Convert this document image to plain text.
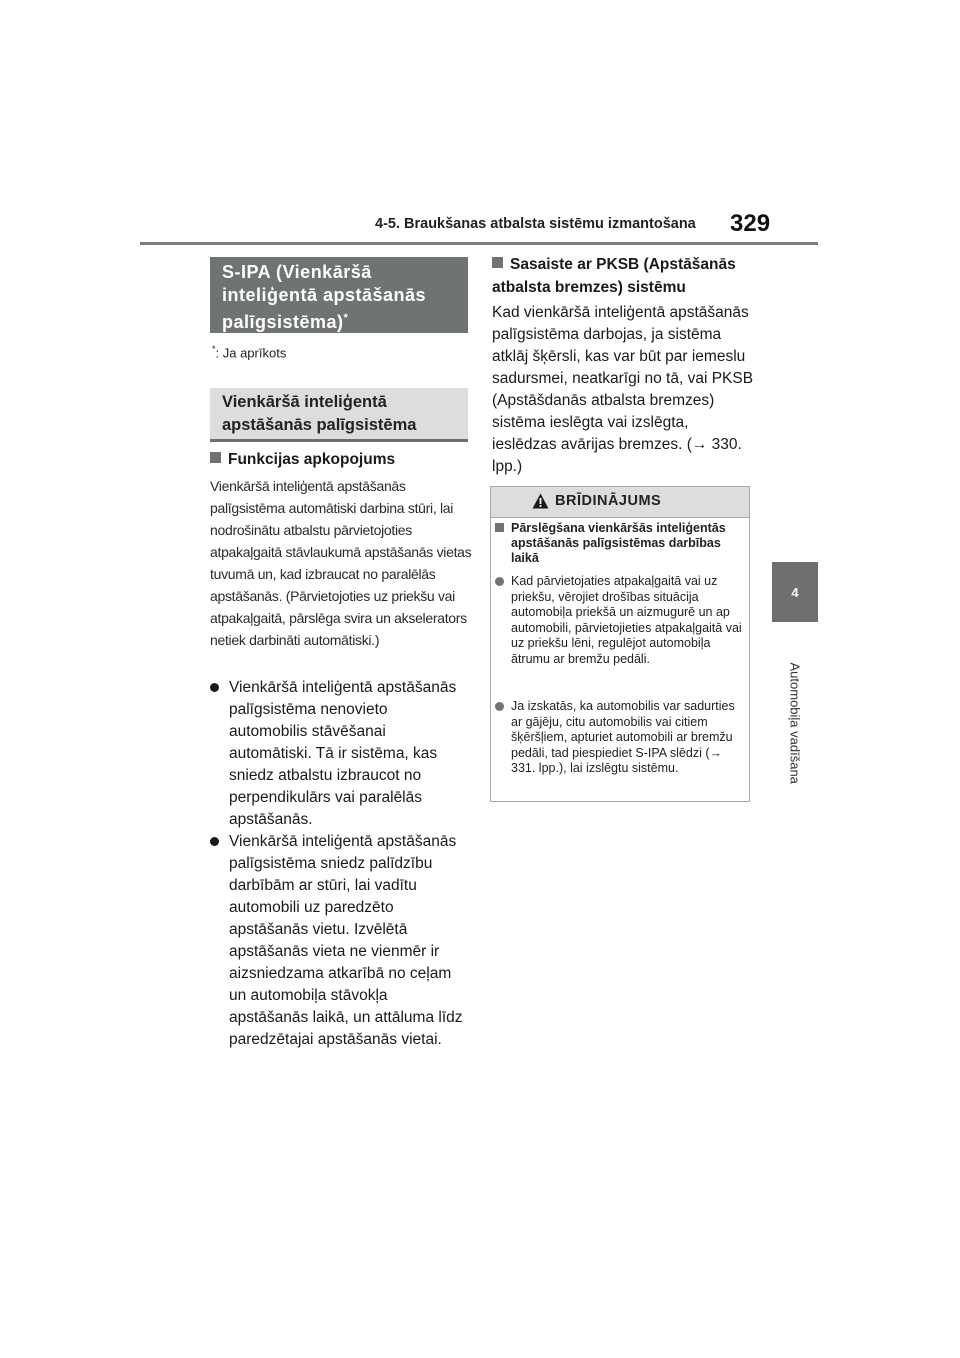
4-5. Braukšanas atbalsta sistēmu izmantošana	329
4
Automobiļa vadīšana
S-IPA (Vienkāršā inteliģentā apstāšanās palīgsistēma)*
*: Ja aprīkots
Vienkāršā inteliģentā apstāšanās palīgsistēma
Funkcijas apkopojums
Vienkāršā inteliģentā apstāšanās palīgsistēma automātiski darbina stūri, lai nodrošinātu atbalstu pārvietojoties atpakaļgaitā stāvlaukumā apstāšanās vietas tuvumā un, kad izbraucat no paralēlās apstāšanās. (Pārvietojoties uz priekšu vai atpakaļgaitā, pārslēga svira un akselerators netiek darbināti automātiski.)
Vienkāršā inteliģentā apstāšanās palīgsistēma nenovieto automobilis stāvēšanai automātiski. Tā ir sistēma, kas sniedz atbalstu izbraucot no perpendikulārs vai paralēlās apstāšanās.
Vienkāršā inteliģentā apstāšanās palīgsistēma sniedz palīdzību darbībām ar stūri, lai vadītu automobili uz paredzēto apstāšanās vietu. Izvēlētā apstāšanās vieta ne vienmēr ir aizsniedzama atkarībā no ceļam un automobiļa stāvokļa apstāšanās laikā, un attāluma līdz paredzētajai apstāšanās vietai.
Sasaiste ar PKSB (Apstāšanās atbalsta bremzes) sistēmu
Kad vienkāršā inteliģentā apstāšanās palīgsistēma darbojas, ja sistēma atklāj šķērsli, kas var būt par iemeslu sadursmei, neatkarīgi no tā, vai PKSB (Apstāšdanās atbalsta bremzes) sistēma ieslēgta vai izslēgta, ieslēdzas avārijas bremzes. (→ 330. lpp.)
BRĪDINĀJUMS
Pārslēgšana vienkāršās inteliģentās apstāšanās palīgsistēmas darbības laikā
Kad pārvietojaties atpakaļgaitā vai uz priekšu, vērojiet drošības situācija automobiļa priekšā un aizmugurē un ap automobili, pārvietojieties atpakaļgaitā vai uz priekšu lēni, regulējot automobiļa ātrumu ar bremžu pedāli.
Ja izskatās, ka automobilis var sadurties ar gājēju, citu automobilis vai citiem šķēršļiem, apturiet automobili ar bremžu pedāli, tad piespiediet S-IPA slēdzi (→ 331. lpp.), lai izslēgtu sistēmu.
